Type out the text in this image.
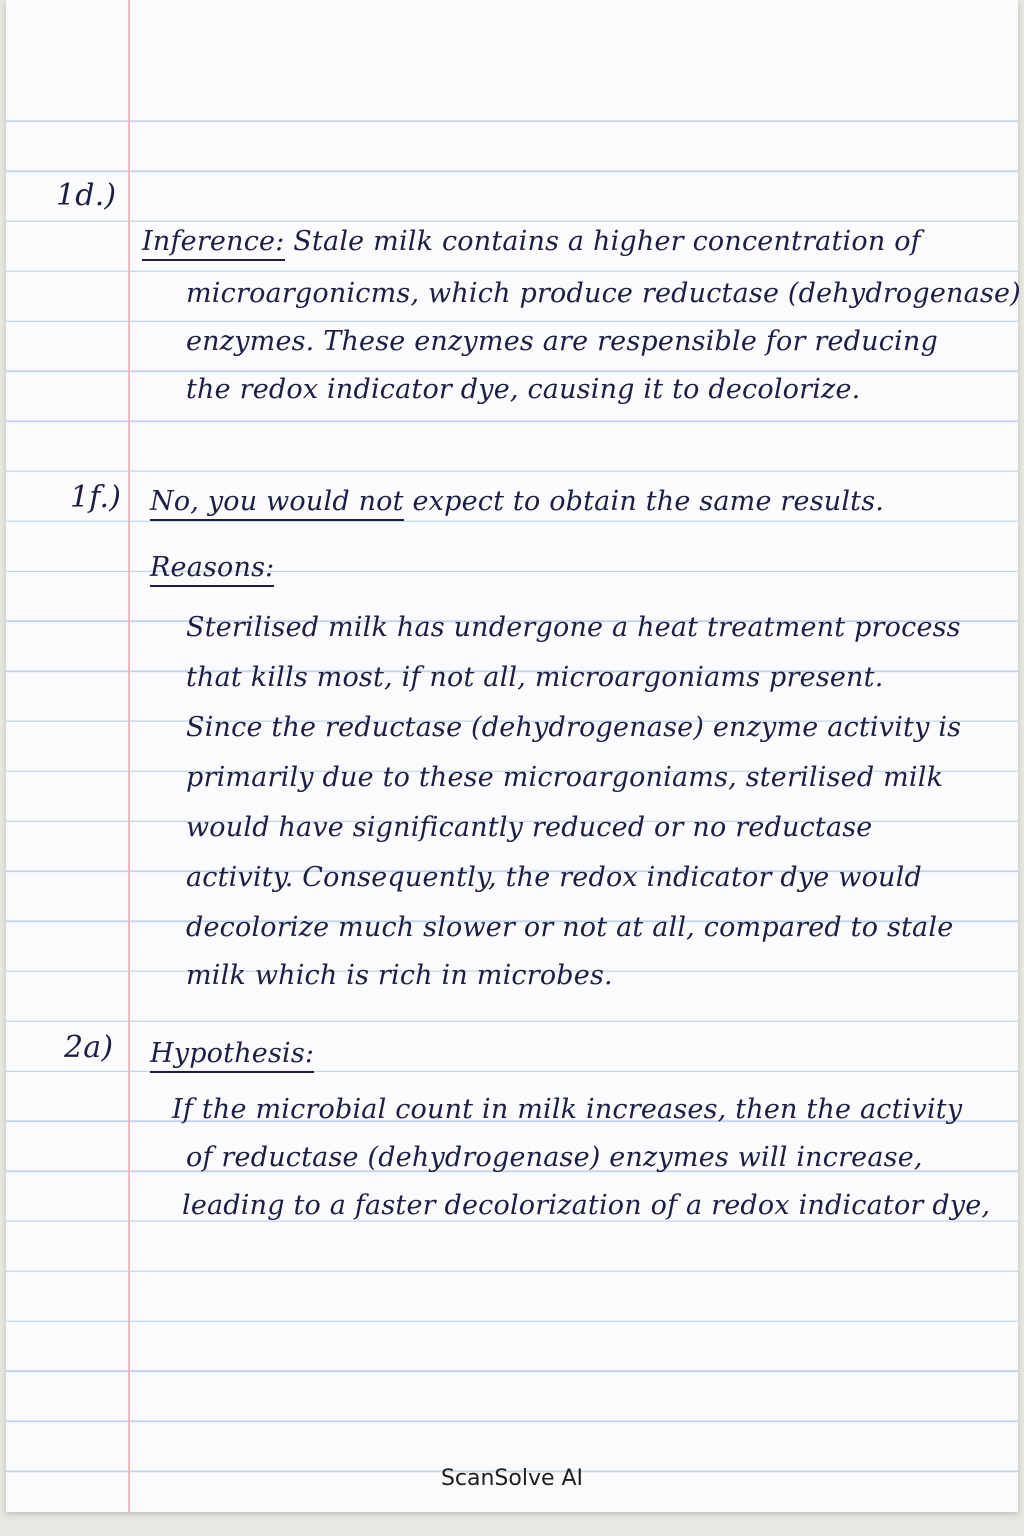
1d.)
Inference: Stale milk contains a higher concentration of
microargonicms, which produce reductase (dehydrogenase)
enzymes. These enzymes are respensible for reducing
the redox indicator dye, causing it to decolorize.
1f.) No, you would not expect to obtain the same results.
Reasons:
Sterilised milk has undergone a heat treatment process
that kills most, if not all, microargoniams present.
Since the reductase (dehydrogenase) enzyme activity is
primarily due to these microargoniams, sterilised milk
would have significantly reduced or no reductase
activity. Consequently, the redox indicator dye would
decolorize much slower or not at all, compared to stale
milk which is rich in microbes.
2a) Hypothesis:
If the microbial count in milk increases, then the activity
of reductase (dehydrogenase) enzymes will increase,
leading to a faster decolorization of a redox indicator dye,
ScanSolve AI
